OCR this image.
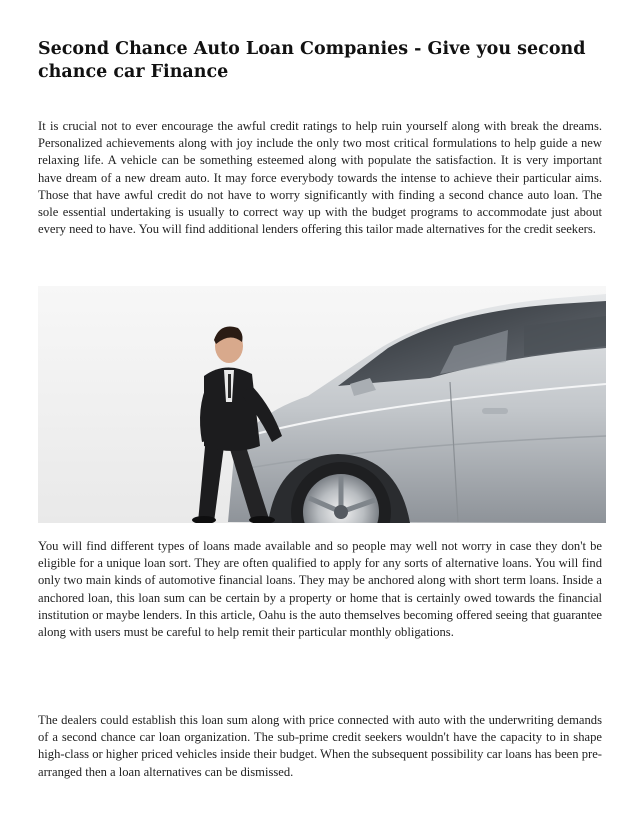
Second Chance Auto Loan Companies - Give you second chance car Finance

It is crucial not to ever encourage the awful credit ratings to help ruin yourself along with break the dreams. Personalized achievements along with joy include the only two most critical formulations to help guide a new relaxing life. A vehicle can be something esteemed along with populate the satisfaction. It is very important have dream of a new dream auto. It may force everybody towards the intense to achieve their particular aims. Those that have awful credit do not have to worry significantly with finding a second chance auto loan. The sole essential undertaking is usually to correct way up with the budget programs to accommodate just about every need to have. You will find additional lenders offering this tailor made alternatives for the credit seekers.

You will find different types of loans made available and so people may well not worry in case they don't be eligible for a unique loan sort. They are often qualified to apply for any sorts of alternative loans. You will find only two main kinds of automotive financial loans. They may be anchored along with short term loans. Inside a anchored loan, this loan sum can be certain by a property or home that is certainly owed towards the financial institution or maybe lenders. In this article, Oahu is the auto themselves becoming offered seeing that guarantee along with users must be careful to help remit their particular monthly obligations.

The dealers could establish this loan sum along with price connected with auto with the underwriting demands of a second chance car loan organization. The sub-prime credit seekers wouldn't have the capacity to in shape high-class or higher priced vehicles inside their budget. When the subsequent possibility car loans has been pre-arranged then a loan alternatives can be dismissed.
